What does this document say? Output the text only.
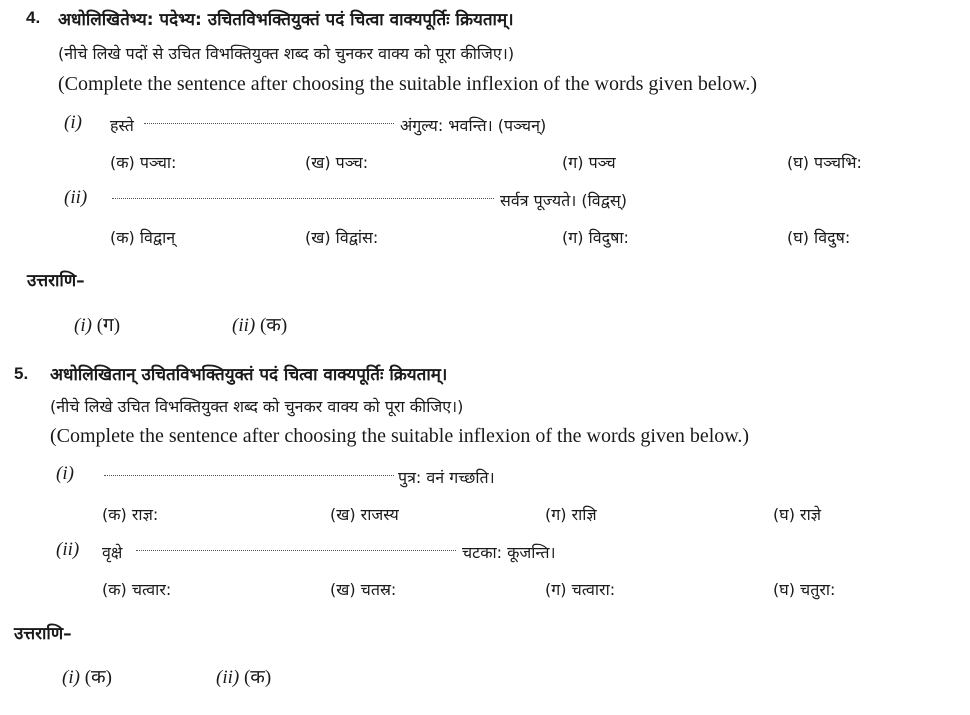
4. अधोलिखितेभ्य: पदेभ्य: उचितविभक्तियुक्तं पदं चित्वा वाक्यपूर्तिः क्रियताम्।
(नीचे लिखे पदों से उचित विभक्तियुक्त शब्द को चुनकर वाक्य को पूरा कीजिए।)
(Complete the sentence after choosing the suitable inflexion of the words given below.)
(i) हस्ते	अंगुल्य: भवन्ति। (पञ्चन्)
(क) पञ्चा:	(ख) पञ्च:	(ग) पञ्च	(घ) पञ्चभि:
(ii)	सर्वत्र पूज्यते। (विद्वस्)
(क) विद्वान्	(ख) विद्वांस:	(ग) विदुषा:	(घ) विदुष:
उत्तराणि–
(i) (ग)	(ii) (क)
5. अधोलिखितान् उचितविभक्तियुक्तं पदं चित्वा वाक्यपूर्तिः क्रियताम्।
(नीचे लिखे उचित विभक्तियुक्त शब्द को चुनकर वाक्य को पूरा कीजिए।)
(Complete the sentence after choosing the suitable inflexion of the words given below.)
(i)	पुत्र: वनं गच्छति।
(क) राज्ञ:	(ख) राजस्य	(ग) राज्ञि	(घ) राज्ञे
(ii) वृक्षे	चटका: कूजन्ति।
(क) चत्वार:	(ख) चतस्र:	(ग) चत्वारा:	(घ) चतुरा:
उत्तराणि–
(i) (क)	(ii) (क)
